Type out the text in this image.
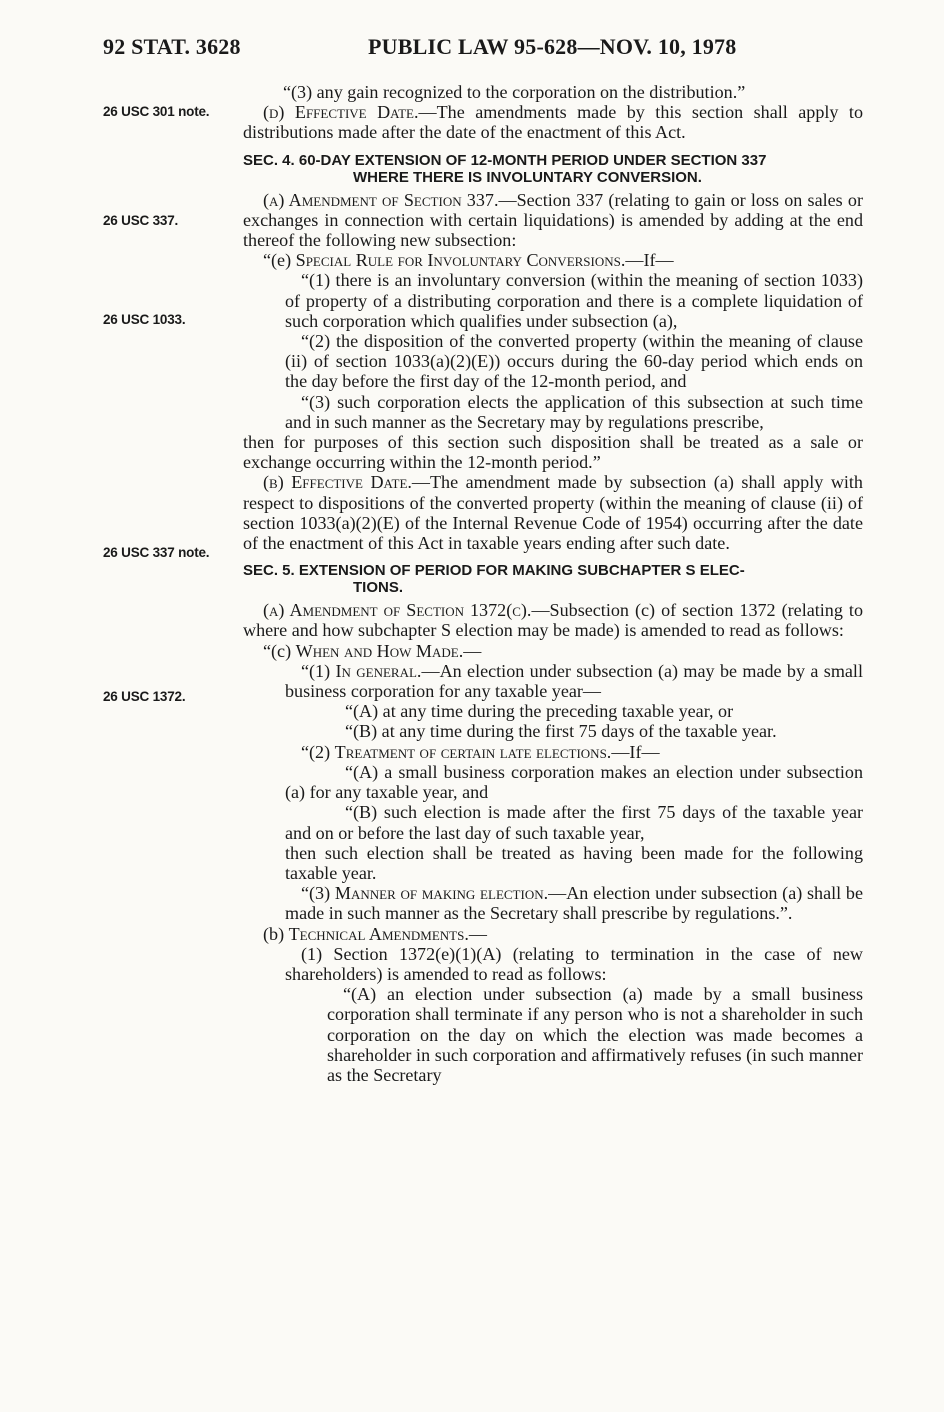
92 STAT. 3628	PUBLIC LAW 95-628—NOV. 10, 1978
26 USC 301 note.
26 USC 337.
26 USC 1033.
26 USC 337 note.
26 USC 1372.

“(3) any gain recognized to the corporation on the distribution.”

(d) Effective Date.—The amendments made by this section shall apply to distributions made after the date of the enactment of this Act.

SEC. 4. 60-DAY EXTENSION OF 12-MONTH PERIOD UNDER SECTION 337
WHERE THERE IS INVOLUNTARY CONVERSION.

(a) Amendment of Section 337.—Section 337 (relating to gain or loss on sales or exchanges in connection with certain liquidations) is amended by adding at the end thereof the following new subsection:

“(e) Special Rule for Involuntary Conversions.—If—

“(1) there is an involuntary conversion (within the meaning of section 1033) of property of a distributing corporation and there is a complete liquidation of such corporation which qualifies under subsection (a),

“(2) the disposition of the converted property (within the meaning of clause (ii) of section 1033(a)(2)(E)) occurs during the 60-day period which ends on the day before the first day of the 12-month period, and

“(3) such corporation elects the application of this subsection at such time and in such manner as the Secretary may by regulations prescribe,

then for purposes of this section such disposition shall be treated as a sale or exchange occurring within the 12-month period.”

(b) Effective Date.—The amendment made by subsection (a) shall apply with respect to dispositions of the converted property (within the meaning of clause (ii) of section 1033(a)(2)(E) of the Internal Revenue Code of 1954) occurring after the date of the enactment of this Act in taxable years ending after such date.

SEC. 5. EXTENSION OF PERIOD FOR MAKING SUBCHAPTER S ELEC-
TIONS.

(a) Amendment of Section 1372(c).—Subsection (c) of section 1372 (relating to where and how subchapter S election may be made) is amended to read as follows:

“(c) When and How Made.—

“(1) In general.—An election under subsection (a) may be made by a small business corporation for any taxable year—

“(A) at any time during the preceding taxable year, or

“(B) at any time during the first 75 days of the taxable year.

“(2) Treatment of certain late elections.—If—

“(A) a small business corporation makes an election under subsection (a) for any taxable year, and

“(B) such election is made after the first 75 days of the taxable year and on or before the last day of such taxable year,

then such election shall be treated as having been made for the following taxable year.

“(3) Manner of making election.—An election under subsection (a) shall be made in such manner as the Secretary shall prescribe by regulations.”.

(b) Technical Amendments.—

(1) Section 1372(e)(1)(A) (relating to termination in the case of new shareholders) is amended to read as follows:

“(A) an election under subsection (a) made by a small business corporation shall terminate if any person who is not a shareholder in such corporation on the day on which the election was made becomes a shareholder in such corporation and affirmatively refuses (in such manner as the Secretary
